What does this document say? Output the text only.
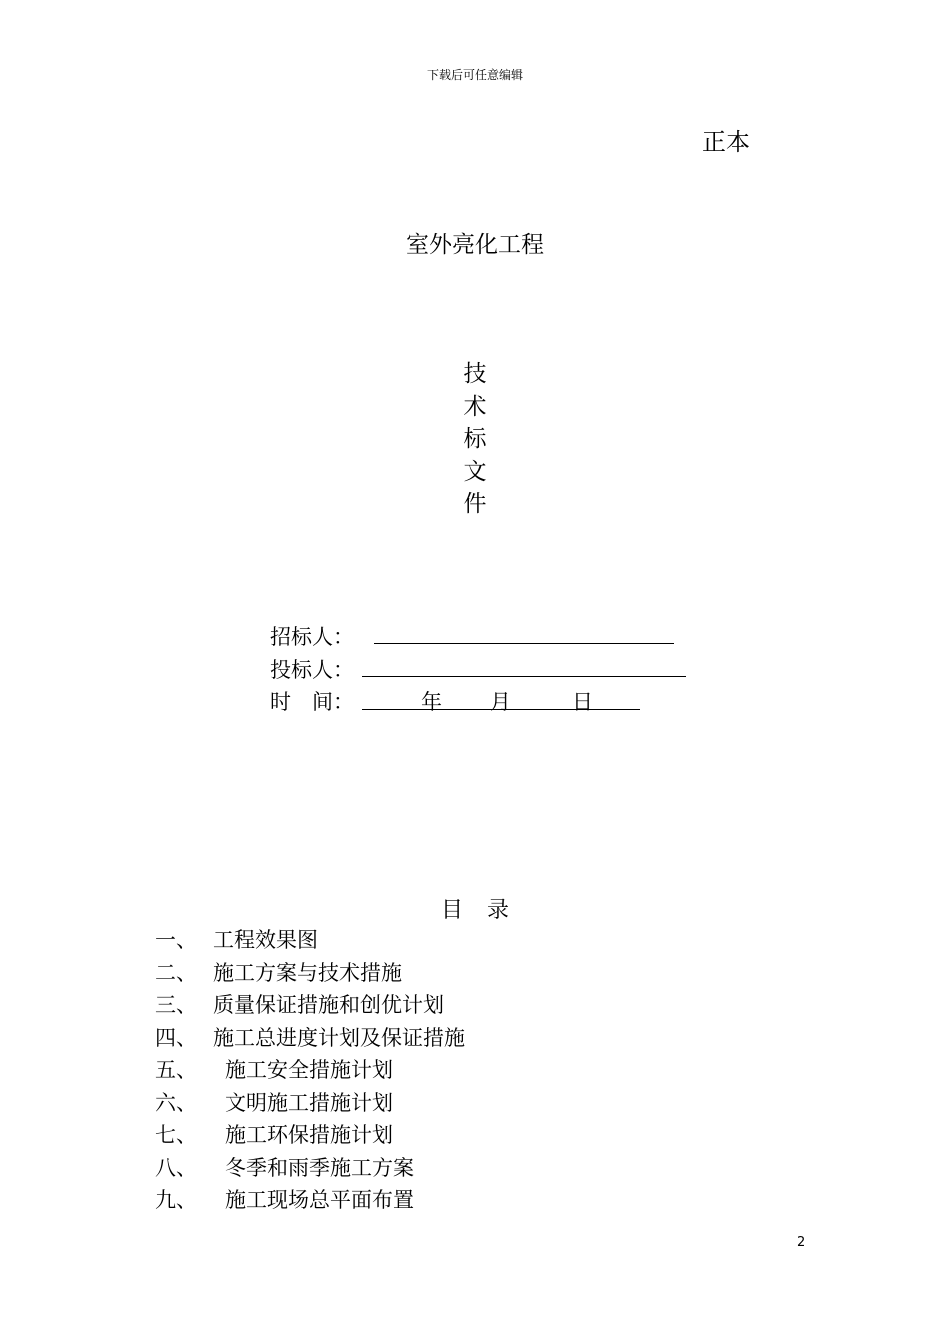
下载后可任意编辑
正本
室外亮化工程
技
术
标
文
件
招标人：
投标人：
时　间：	年 月	日
目 录
一、 工程效果图
二、 施工方案与技术措施
三、 质量保证措施和创优计划
四、 施工总进度计划及保证措施
五、 施工安全措施计划
六、 文明施工措施计划
七、 施工环保措施计划
八、 冬季和雨季施工方案
九、 施工现场总平面布置
2
